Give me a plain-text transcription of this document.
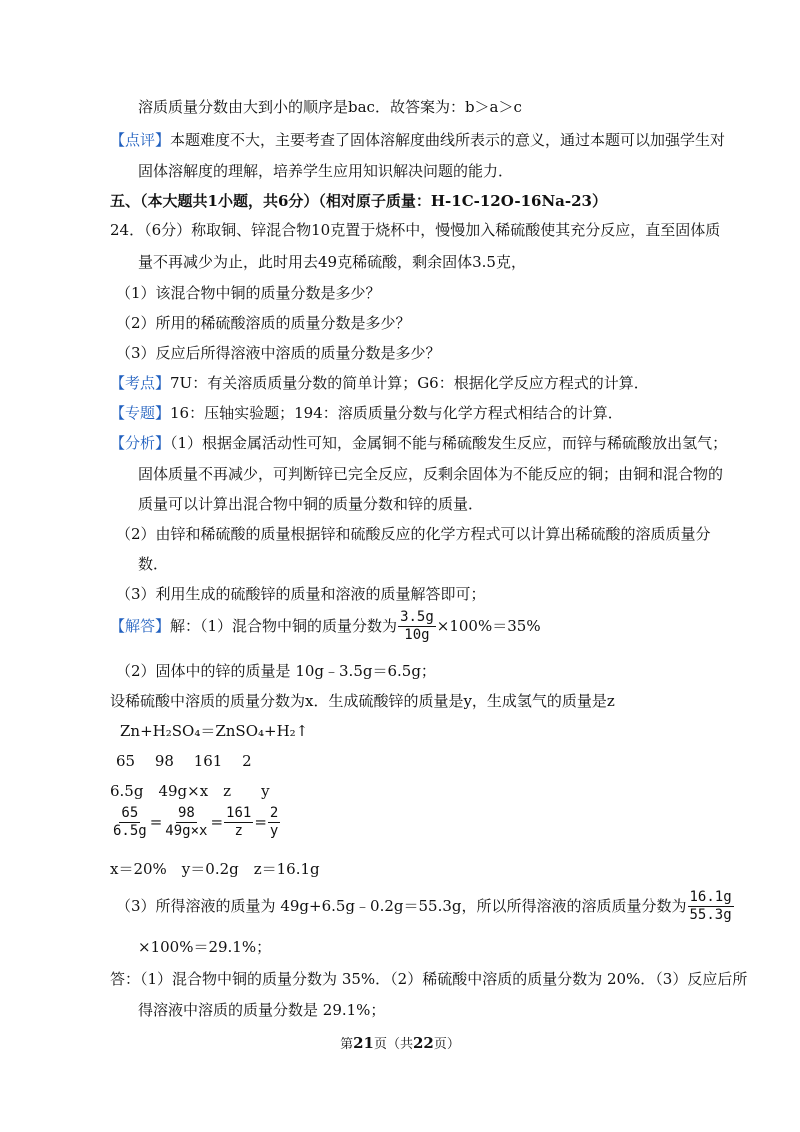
溶质质量分数由大到小的顺序是bac．故答案为：b＞a＞c
【点评】本题难度不大，主要考查了固体溶解度曲线所表示的意义，通过本题可以加强学生对
固体溶解度的理解，培养学生应用知识解决问题的能力．
五、（本大题共1小题，共6分）（相对原子质量：H-1C-12O-16Na-23）
24．（6分）称取铜、锌混合物10克置于烧杯中，慢慢加入稀硫酸使其充分反应，直至固体质
量不再减少为止，此时用去49克稀硫酸，剩余固体3.5克，
（1）该混合物中铜的质量分数是多少？
（2）所用的稀硫酸溶质的质量分数是多少？
（3）反应后所得溶液中溶质的质量分数是多少？
【考点】7U：有关溶质质量分数的简单计算；G6：根据化学反应方程式的计算．
【专题】16：压轴实验题；194：溶质质量分数与化学方程式相结合的计算．
【分析】（1）根据金属活动性可知，金属铜不能与稀硫酸发生反应，而锌与稀硫酸放出氢气；
固体质量不再减少，可判断锌已完全反应，反剩余固体为不能反应的铜；由铜和混合物的
质量可以计算出混合物中铜的质量分数和锌的质量．
（2）由锌和稀硫酸的质量根据锌和硫酸反应的化学方程式可以计算出稀硫酸的溶质质量分
数．
（3）利用生成的硫酸锌的质量和溶液的质量解答即可；
【解答】解：（1）混合物中铜的质量分数为 $\frac{3.5g}{10g} \times 100\%=35\%$
（2）固体中的锌的质量是 10g﹣3.5g＝6.5g；
设稀硫酸中溶质的质量分数为x．生成硫酸锌的质量是y，生成氢气的质量是z
Zn+H₂SO₄＝ZnSO₄+H₂↑
65　 98　 161　 2
6.5g　49g×x　z　　y
$\frac{65}{6.5g} = \frac{98}{49g\times x} = \frac{161}{z} = \frac{2}{y}$
x＝20%　y＝0.2g　z＝16.1g
（3）所得溶液的质量为 49g+6.5g﹣0.2g＝55.3g，所以所得溶液的溶质质量分数为 $\frac{16.1g}{55.3g}$
×100%＝29.1%；
答：（1）混合物中铜的质量分数为 35%．（2）稀硫酸中溶质的质量分数为 20%．（3）反应后所
得溶液中溶质的质量分数是 29.1%；
第21页（共22页）
